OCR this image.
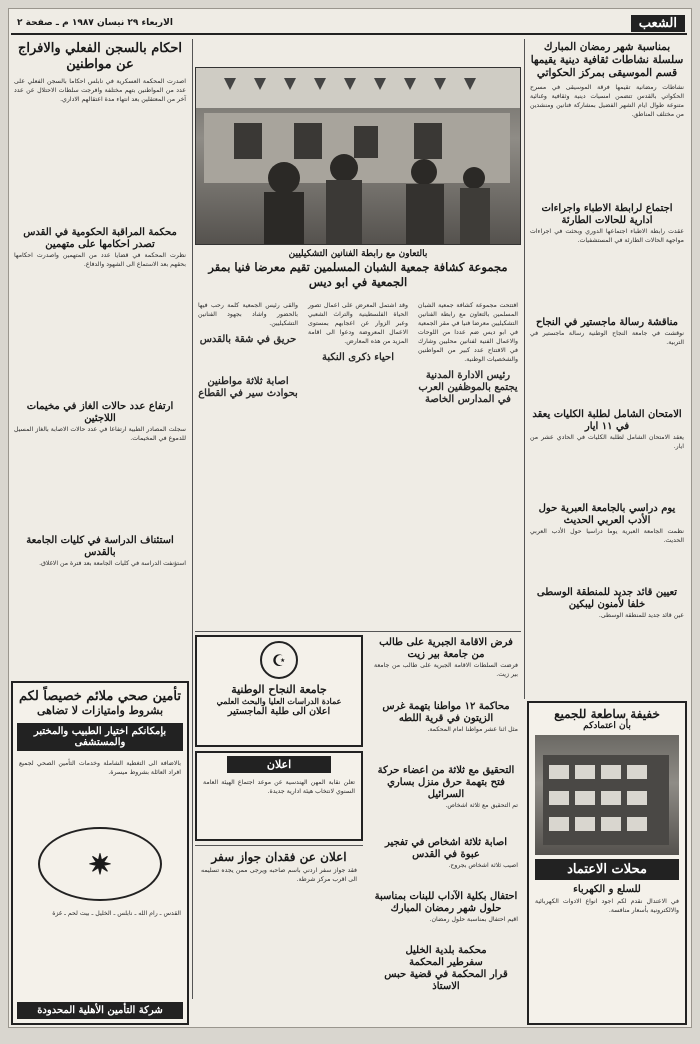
الشعب
الاربعاء ٢٩ نيسان ١٩٨٧ م ـ صفحة ٢
بمناسبة شهر رمضان المبارك سلسلة نشاطات ثقافية دينية يقيمها قسم الموسيقى بمركز الحكواتي
نشاطات رمضانية تقيمها فرقة الموسيقى في مسرح الحكواتي بالقدس تتضمن امسيات دينية وثقافية وغنائية متنوعة طوال ايام الشهر الفضيل بمشاركة فنانين ومنشدين من مختلف المناطق.
اجتماع لرابطة الاطباء واجراءات ادارية للحالات الطارئة
عقدت رابطة الاطباء اجتماعها الدوري وبحثت في اجراءات مواجهة الحالات الطارئة في المستشفيات.
مناقشة رسالة ماجستير في النجاح
نوقشت في جامعة النجاح الوطنية رسالة ماجستير في التربية.
الامتحان الشامل لطلبة الكليات يعقد في ١١ ايار
يعقد الامتحان الشامل لطلبة الكليات في الحادي عشر من ايار.
يوم دراسي بالجامعة العبرية حول الأدب العربي الحديث
نظمت الجامعة العبرية يوما دراسيا حول الأدب العربي الحديث.
تعيين قائد جديد للمنطقة الوسطى خلفا لأمنون ليبكين
عين قائد جديد للمنطقة الوسطى.
بالتعاون مع رابطة الفنانين التشكيليين
مجموعة كشافة جمعية الشبان المسلمين تقيم معرضا فنيا بمقر الجمعية في ابو ديس
افتتحت مجموعة كشافة جمعية الشبان المسلمين بالتعاون مع رابطة الفنانين التشكيليين معرضا فنيا في مقر الجمعية في ابو ديس ضم عددا من اللوحات والاعمال الفنية لفنانين محليين وشارك في الافتتاح عدد كبير من المواطنين والشخصيات الوطنية.
رئيس الادارة المدنية يجتمع بالموظفين العرب في المدارس الخاصة
وقد اشتمل المعرض على اعمال تصور الحياة الفلسطينية والتراث الشعبي وعبر الزوار عن اعجابهم بمستوى الاعمال المعروضة ودعوا الى اقامة المزيد من هذه المعارض.
احياء ذكرى النكبة
والقى رئيس الجمعية كلمة رحب فيها بالحضور واشاد بجهود الفنانين التشكيليين.
حريق في شقة بالقدس
اصابة ثلاثة مواطنين بحوادث سير في القطاع
احكام بالسجن الفعلي والافراج عن مواطنين
اصدرت المحكمة العسكرية في نابلس احكاما بالسجن الفعلي على عدد من المواطنين بتهم مختلفة وافرجت سلطات الاحتلال عن عدد آخر من المعتقلين بعد انتهاء مدة اعتقالهم الاداري.
محكمة المراقبة الحكومية في القدس تصدر احكامها على متهمين
نظرت المحكمة في قضايا عدد من المتهمين واصدرت احكامها بحقهم بعد الاستماع الى الشهود والدفاع.
ارتفاع عدد حالات الغاز في مخيمات اللاجئين
سجلت المصادر الطبية ارتفاعا في عدد حالات الاصابة بالغاز المسيل للدموع في المخيمات.
استئناف الدراسة في كليات الجامعة بالقدس
استؤنفت الدراسة في كليات الجامعة بعد فترة من الاغلاق.
تأمين صحي ملائم خصيصاً لكم
بشروط وامتيازات لا تضاهى
بإمكانكم اختيار الطبيب والمختبر والمستشفى
بالاضافة الى التغطية الشاملة وخدمات التأمين الصحي لجميع افراد العائلة بشروط ميسرة.
✷
القدس ـ رام الله ـ نابلس ـ الخليل ـ بيت لحم ـ غزة
شركة التأمين الأهلية المحدودة
فرض الاقامة الجبرية على طالب من جامعة بير زيت
فرضت السلطات الاقامة الجبرية على طالب من جامعة بير زيت.
محاكمة ١٢ مواطنا بتهمة غرس الزيتون في قرية اللطه
مثل اثنا عشر مواطنا امام المحكمة.
التحقيق مع ثلاثة من اعضاء حركة فتح بتهمة حرق منزل بساري السرائيل
تم التحقيق مع ثلاثة اشخاص.
اصابة ثلاثة اشخاص في تفجير عبوة في القدس
اصيب ثلاثة اشخاص بجروح.
احتفال بكلية الآداب للبنات بمناسبة حلول شهر رمضان المبارك
اقيم احتفال بمناسبة حلول رمضان.
محكمة بلدية الخليل
سفرطير المحكمة
قرار المحكمة في قضية حبس الاستاذ
☪
جامعة النجاح الوطنية
عمادة الدراسات العليا والبحث العلمي
اعلان الى طلبة الماجستير
اعلان
تعلن نقابة المهن الهندسية عن موعد اجتماع الهيئة العامة السنوي لانتخاب هيئة ادارية جديدة.
اعلان عن فقدان جواز سفر
فقد جواز سفر اردني باسم صاحبه ويرجى ممن يجده تسليمه الى اقرب مركز شرطة.
خفيفة ساطعة للجميع
بأن اعتمادكم
محلات الاعتماد
للسلع و الكهرباء
في الاعتدال نقدم لكم اجود انواع الادوات الكهربائية والالكترونية بأسعار منافسة.
